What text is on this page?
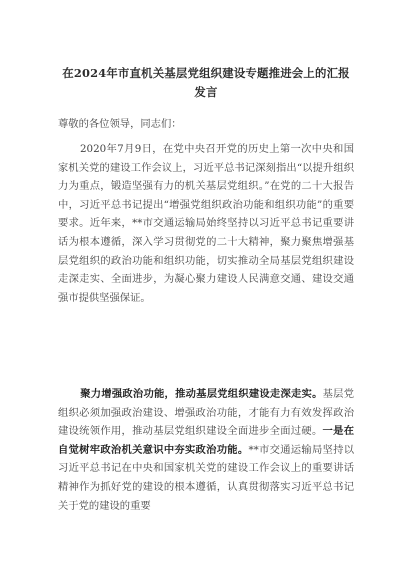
在2024年市直机关基层党组织建设专题推进会上的汇报发言
尊敬的各位领导，同志们：
2020年7月9日，在党中央召开党的历史上第一次中央和国家机关党的建设工作会议上，习近平总书记深刻指出“以提升组织力为重点，锻造坚强有力的机关基层党组织。”在党的二十大报告中，习近平总书记提出“增强党组织政治功能和组织功能”的重要要求。近年来，**市交通运输局始终坚持以习近平总书记重要讲话为根本遵循，深入学习贯彻党的二十大精神，聚力聚焦增强基层党组织的政治功能和组织功能，切实推动全局基层党组织建设走深走实、全面进步，为凝心聚力建设人民满意交通、建设交通强市提供坚强保证。
聚力增强政治功能，推动基层党组织建设走深走实。基层党组织必须加强政治建设、增强政治功能，才能有力有效发挥政治建设统领作用，推动基层党组织建设全面进步全面过硬。一是在自觉树牢政治机关意识中夯实政治功能。**市交通运输局坚持以习近平总书记在中央和国家机关党的建设工作会议上的重要讲话精神作为抓好党的建设的根本遵循，认真贯彻落实习近平总书记关于党的建设的重要
